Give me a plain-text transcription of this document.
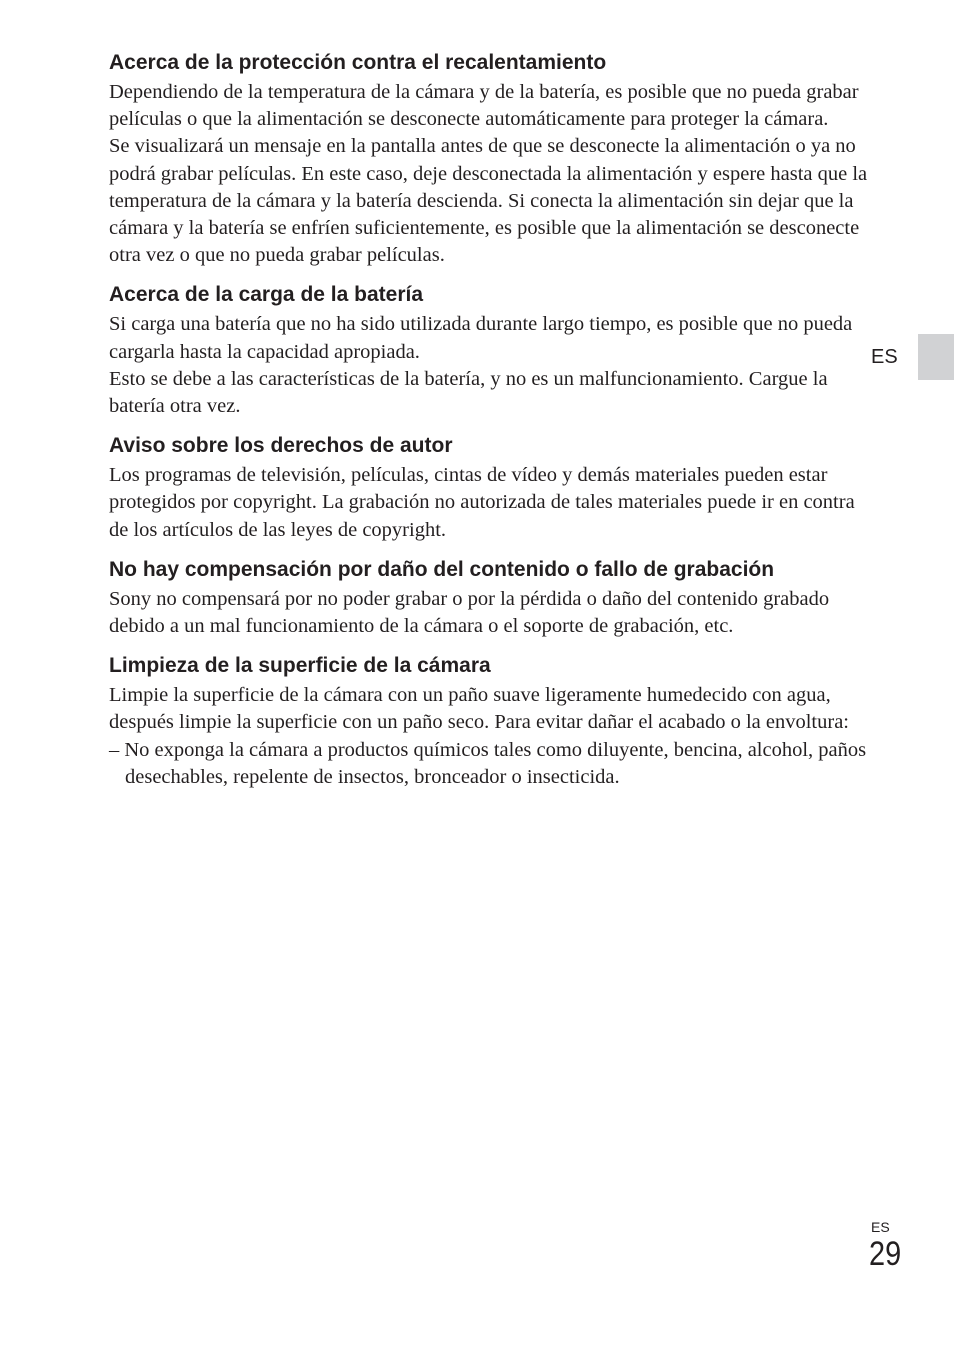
Acerca de la protección contra el recalentamiento

Dependiendo de la temperatura de la cámara y de la batería, es posible que no pueda grabar películas o que la alimentación se desconecte automáticamente para proteger la cámara.

Se visualizará un mensaje en la pantalla antes de que se desconecte la alimentación o ya no podrá grabar películas. En este caso, deje desconectada la alimentación y espere hasta que la temperatura de la cámara y la batería descienda. Si conecta la alimentación sin dejar que la cámara y la batería se enfríen suficientemente, es posible que la alimentación se desconecte otra vez o que no pueda grabar películas.

Acerca de la carga de la batería

Si carga una batería que no ha sido utilizada durante largo tiempo, es posible que no pueda cargarla hasta la capacidad apropiada.

Esto se debe a las características de la batería, y no es un malfuncionamiento. Cargue la batería otra vez.

Aviso sobre los derechos de autor

Los programas de televisión, películas, cintas de vídeo y demás materiales pueden estar protegidos por copyright. La grabación no autorizada de tales materiales puede ir en contra de los artículos de las leyes de copyright.

No hay compensación por daño del contenido o fallo de grabación

Sony no compensará por no poder grabar o por la pérdida o daño del contenido grabado debido a un mal funcionamiento de la cámara o el soporte de grabación, etc.

Limpieza de la superficie de la cámara

Limpie la superficie de la cámara con un paño suave ligeramente humedecido con agua, después limpie la superficie con un paño seco. Para evitar dañar el acabado o la envoltura:

– No exponga la cámara a productos químicos tales como diluyente, bencina, alcohol, paños desechables, repelente de insectos, bronceador o insecticida.

ES
ES
29
